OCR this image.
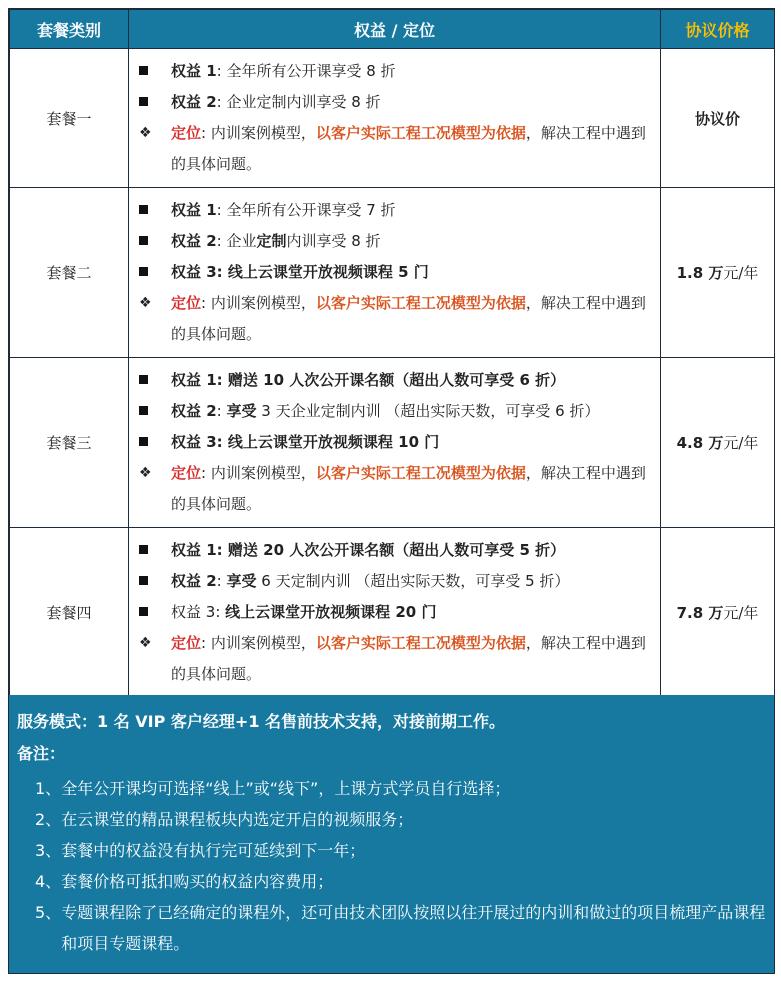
套餐类别	权益 / 定位	协议价格
套餐一	权益 1: 全年所有公开课享受 8 折
权益 2: 企业定制内训享受 8 折
❖ 定位: 内训案例模型，以客户实际工程工况模型为依据，解决工程中遇到的具体问题。	协议价
套餐二	权益 1: 全年所有公开课享受 7 折
权益 2: 企业定制内训享受 8 折
权益 3: 线上云课堂开放视频课程 5 门
❖ 定位: 内训案例模型，以客户实际工程工况模型为依据，解决工程中遇到的具体问题。	1.8 万元/年
套餐三	权益 1: 赠送 10 人次公开课名额（超出人数可享受 6 折）
权益 2: 享受 3 天企业定制内训 （超出实际天数，可享受 6 折）
权益 3: 线上云课堂开放视频课程 10 门
❖ 定位: 内训案例模型，以客户实际工程工况模型为依据，解决工程中遇到的具体问题。	4.8 万元/年
套餐四	权益 1: 赠送 20 人次公开课名额（超出人数可享受 5 折）
权益 2: 享受 6 天定制内训 （超出实际天数，可享受 5 折）
权益 3: 线上云课堂开放视频课程 20 门
❖ 定位: 内训案例模型，以客户实际工程工况模型为依据，解决工程中遇到的具体问题。	7.8 万元/年
服务模式：1 名 VIP 客户经理+1 名售前技术支持，对接前期工作。
备注：
1、 全年公开课均可选择“线上”或“线下”，上课方式学员自行选择；
2、 在云课堂的精品课程板块内选定开启的视频服务；
3、 套餐中的权益没有执行完可延续到下一年；
4、 套餐价格可抵扣购买的权益内容费用；
5、 专题课程除了已经确定的课程外，还可由技术团队按照以往开展过的内训和做过的项目梳理产品课程和项目专题课程。
